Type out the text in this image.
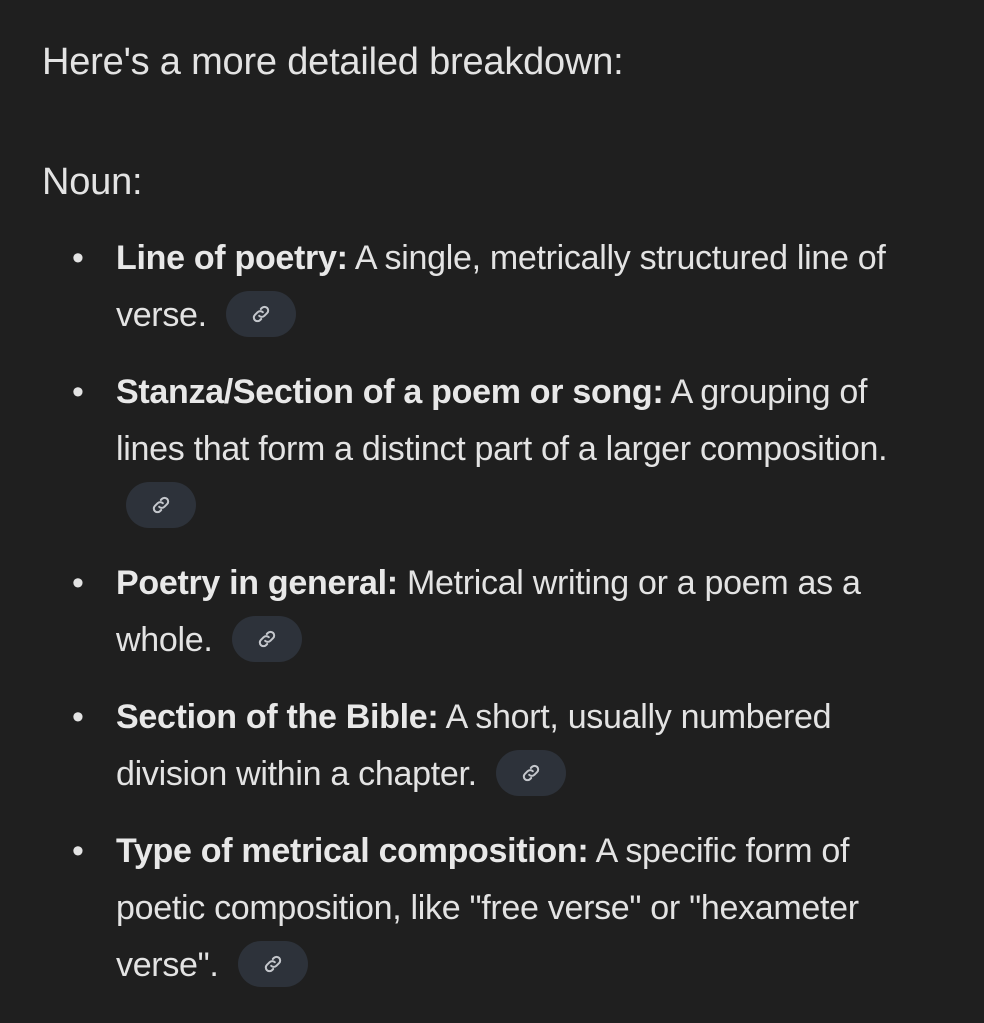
Here's a more detailed breakdown:
Noun:
• Line of poetry: A single, metrically structured line of verse.
• Stanza/Section of a poem or song: A grouping of lines that form a distinct part of a larger composition.
• Poetry in general: Metrical writing or a poem as a whole.
• Section of the Bible: A short, usually numbered division within a chapter.
• Type of metrical composition: A specific form of poetic composition, like "free verse" or "hexameter verse".
